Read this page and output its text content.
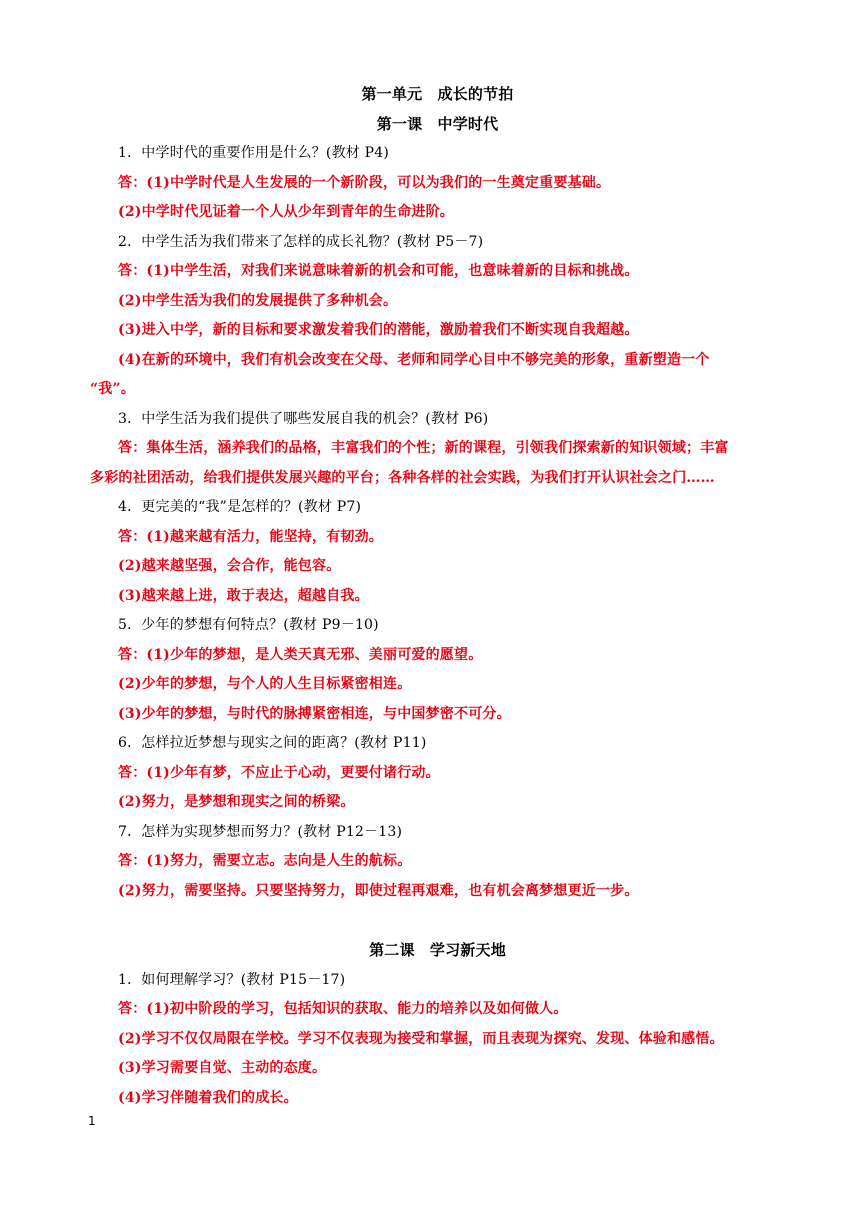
第一单元　成长的节拍
第一课　中学时代
1．中学时代的重要作用是什么？(教材 P4)
答：(1)中学时代是人生发展的一个新阶段，可以为我们的一生奠定重要基础。
(2)中学时代见证着一个人从少年到青年的生命进阶。
2．中学生活为我们带来了怎样的成长礼物？(教材 P5－7)
答：(1)中学生活，对我们来说意味着新的机会和可能，也意味着新的目标和挑战。
(2)中学生活为我们的发展提供了多种机会。
(3)进入中学，新的目标和要求激发着我们的潜能，激励着我们不断实现自我超越。
(4)在新的环境中，我们有机会改变在父母、老师和同学心目中不够完美的形象，重新塑造一个
“我”。
3．中学生活为我们提供了哪些发展自我的机会？(教材 P6)
答：集体生活，涵养我们的品格，丰富我们的个性；新的课程，引领我们探索新的知识领域；丰富
多彩的社团活动，给我们提供发展兴趣的平台；各种各样的社会实践，为我们打开认识社会之门……
4．更完美的“我”是怎样的？(教材 P7)
答：(1)越来越有活力，能坚持，有韧劲。
(2)越来越坚强，会合作，能包容。
(3)越来越上进，敢于表达，超越自我。
5．少年的梦想有何特点？(教材 P9－10)
答：(1)少年的梦想，是人类天真无邪、美丽可爱的愿望。
(2)少年的梦想，与个人的人生目标紧密相连。
(3)少年的梦想，与时代的脉搏紧密相连，与中国梦密不可分。
6．怎样拉近梦想与现实之间的距离？(教材 P11)
答：(1)少年有梦，不应止于心动，更要付诸行动。
(2)努力，是梦想和现实之间的桥梁。
7．怎样为实现梦想而努力？(教材 P12－13)
答：(1)努力，需要立志。志向是人生的航标。
(2)努力，需要坚持。只要坚持努力，即使过程再艰难，也有机会离梦想更近一步。
第二课　学习新天地
1．如何理解学习？(教材 P15－17)
答：(1)初中阶段的学习，包括知识的获取、能力的培养以及如何做人。
(2)学习不仅仅局限在学校。学习不仅表现为接受和掌握，而且表现为探究、发现、体验和感悟。
(3)学习需要自觉、主动的态度。
(4)学习伴随着我们的成长。
1
